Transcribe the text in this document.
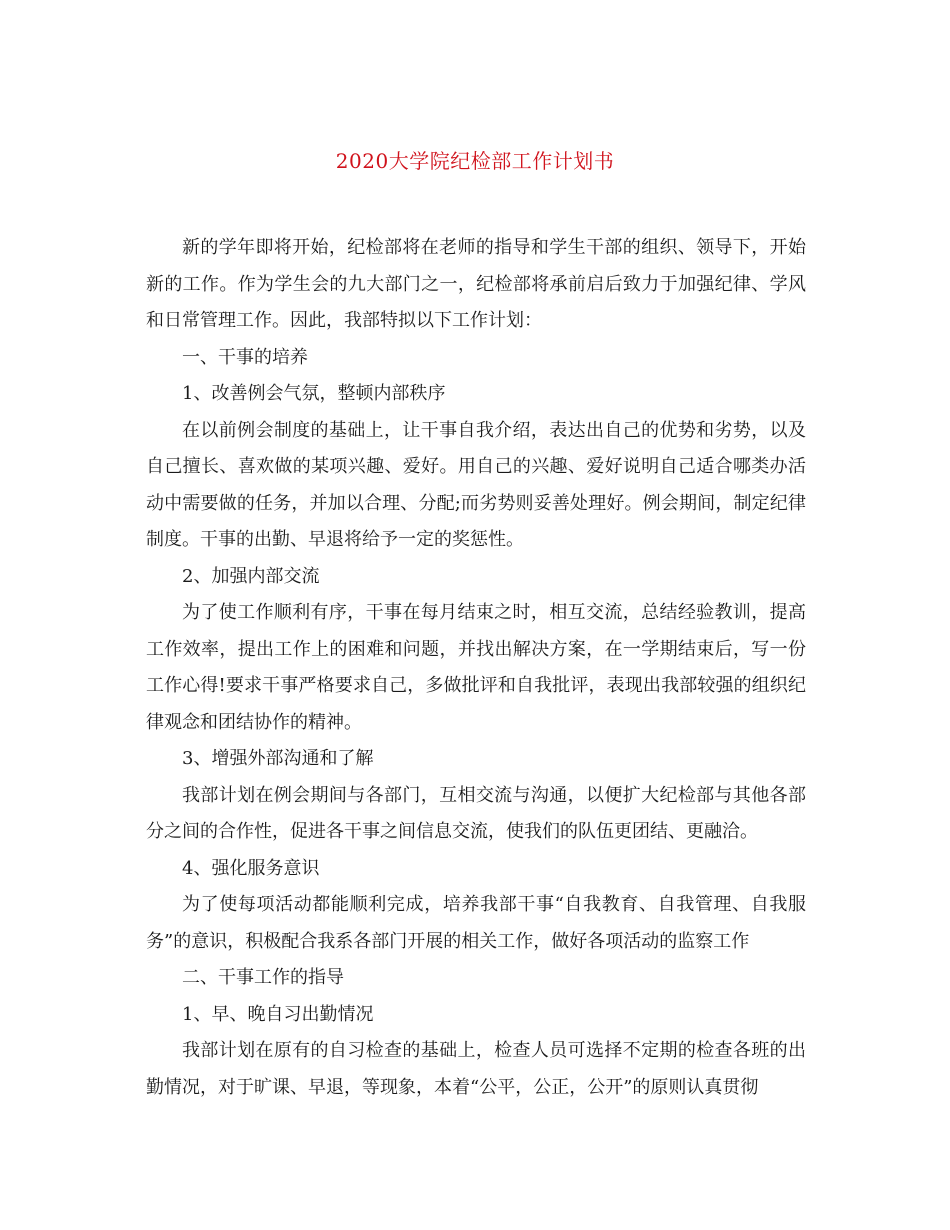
2020大学院纪检部工作计划书

新的学年即将开始，纪检部将在老师的指导和学生干部的组织、领导下，开始新的工作。作为学生会的九大部门之一，纪检部将承前启后致力于加强纪律、学风和日常管理工作。因此，我部特拟以下工作计划：

一、干事的培养

1、改善例会气氛，整顿内部秩序

在以前例会制度的基础上，让干事自我介绍，表达出自己的优势和劣势，以及自己擅长、喜欢做的某项兴趣、爱好。用自己的兴趣、爱好说明自己适合哪类办活动中需要做的任务，并加以合理、分配;而劣势则妥善处理好。例会期间，制定纪律制度。干事的出勤、早退将给予一定的奖惩性。

2、加强内部交流

为了使工作顺利有序，干事在每月结束之时，相互交流，总结经验教训，提高工作效率，提出工作上的困难和问题，并找出解决方案，在一学期结束后，写一份工作心得!要求干事严格要求自己，多做批评和自我批评，表现出我部较强的组织纪律观念和团结协作的精神。

3、增强外部沟通和了解

我部计划在例会期间与各部门，互相交流与沟通，以便扩大纪检部与其他各部分之间的合作性，促进各干事之间信息交流，使我们的队伍更团结、更融洽。

4、强化服务意识

为了使每项活动都能顺利完成，培养我部干事“自我教育、自我管理、自我服务”的意识，积极配合我系各部门开展的相关工作，做好各项活动的监察工作

二、干事工作的指导

1、早、晚自习出勤情况

我部计划在原有的自习检查的基础上，检查人员可选择不定期的检查各班的出勤情况，对于旷课、早退，等现象，本着“公平，公正，公开”的原则认真贯彻
